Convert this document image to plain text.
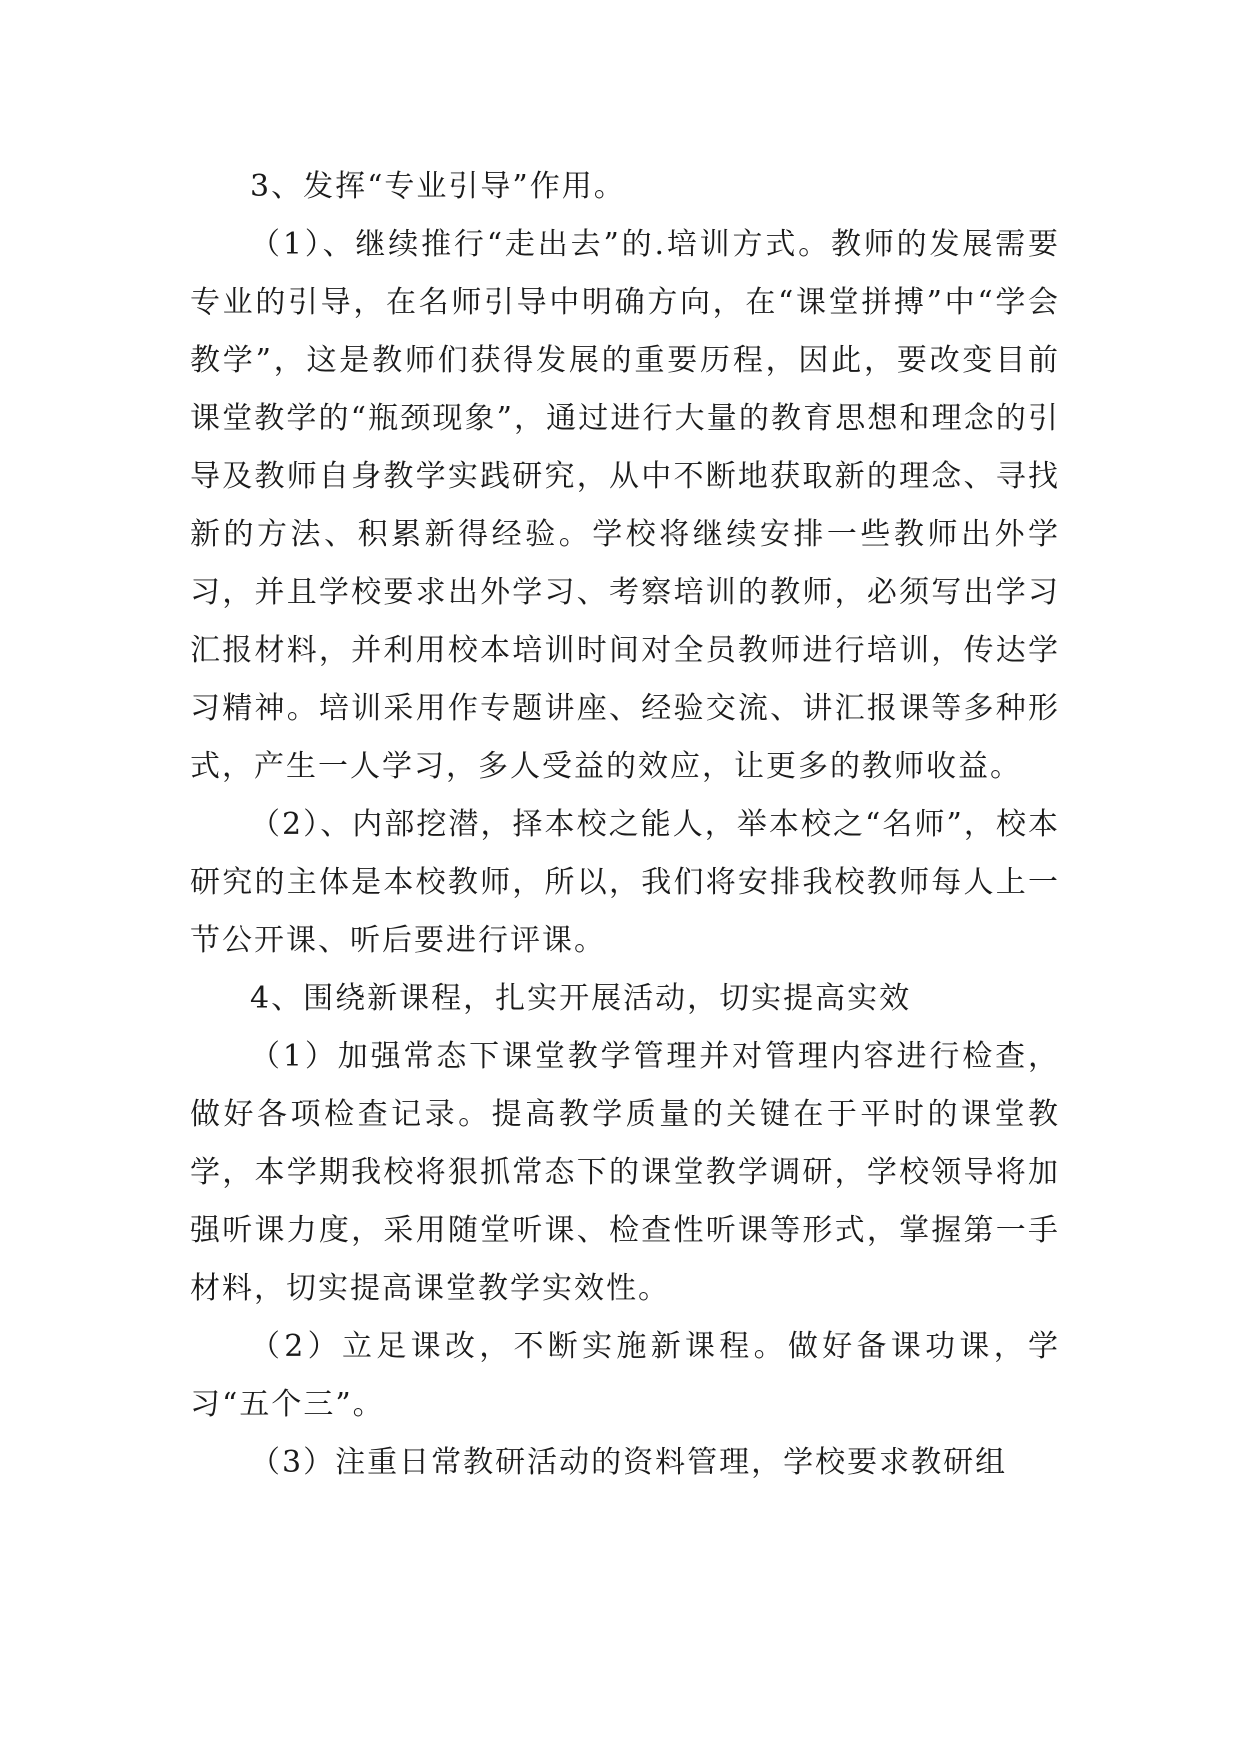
3、发挥“专业引导”作用。

（1）、继续推行“走出去”的.培训方式。教师的发展需要专业的引导，在名师引导中明确方向，在“课堂拼搏”中“学会教学”，这是教师们获得发展的重要历程，因此，要改变目前课堂教学的“瓶颈现象”，通过进行大量的教育思想和理念的引导及教师自身教学实践研究，从中不断地获取新的理念、寻找新的方法、积累新得经验。学校将继续安排一些教师出外学习，并且学校要求出外学习、考察培训的教师，必须写出学习汇报材料，并利用校本培训时间对全员教师进行培训，传达学习精神。培训采用作专题讲座、经验交流、讲汇报课等多种形式，产生一人学习，多人受益的效应，让更多的教师收益。

（2）、内部挖潜，择本校之能人，举本校之“名师”，校本研究的主体是本校教师，所以，我们将安排我校教师每人上一节公开课、听后要进行评课。

4、围绕新课程，扎实开展活动，切实提高实效

（1）加强常态下课堂教学管理并对管理内容进行检查，做好各项检查记录。提高教学质量的关键在于平时的课堂教学，本学期我校将狠抓常态下的课堂教学调研，学校领导将加强听课力度，采用随堂听课、检查性听课等形式，掌握第一手材料，切实提高课堂教学实效性。

（2）立足课改，不断实施新课程。做好备课功课，学习“五个三”。

（3）注重日常教研活动的资料管理，学校要求教研组
